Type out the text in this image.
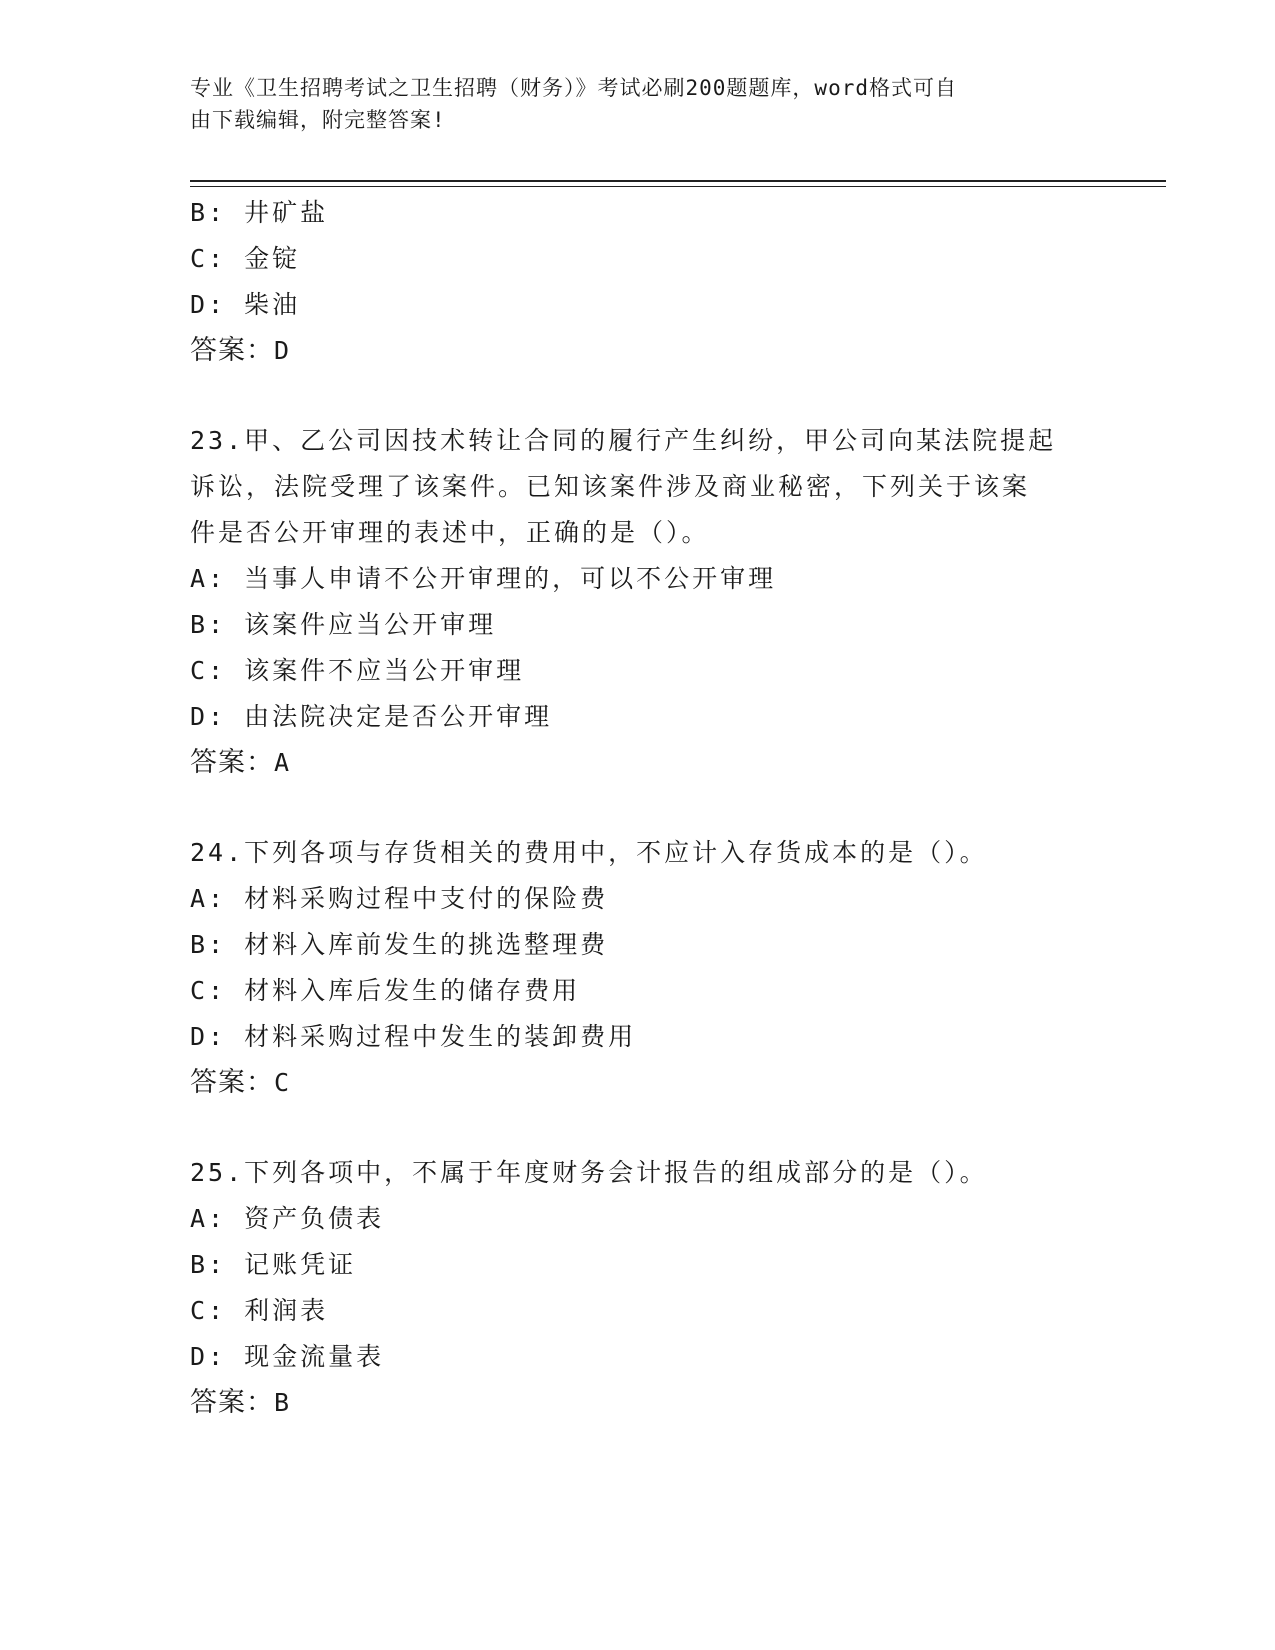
专业《卫生招聘考试之卫生招聘（财务）》考试必刷200题题库，word格式可自
由下载编辑，附完整答案!
B: 井矿盐
C: 金锭
D: 柴油
答案：D
23.甲、乙公司因技术转让合同的履行产生纠纷，甲公司向某法院提起
诉讼，法院受理了该案件。已知该案件涉及商业秘密，下列关于该案
件是否公开审理的表述中，正确的是（）。
A: 当事人申请不公开审理的，可以不公开审理
B: 该案件应当公开审理
C: 该案件不应当公开审理
D: 由法院决定是否公开审理
答案：A
24.下列各项与存货相关的费用中，不应计入存货成本的是（）。
A: 材料采购过程中支付的保险费
B: 材料入库前发生的挑选整理费
C: 材料入库后发生的储存费用
D: 材料采购过程中发生的装卸费用
答案：C
25.下列各项中，不属于年度财务会计报告的组成部分的是（）。
A: 资产负债表
B: 记账凭证
C: 利润表
D: 现金流量表
答案：B
